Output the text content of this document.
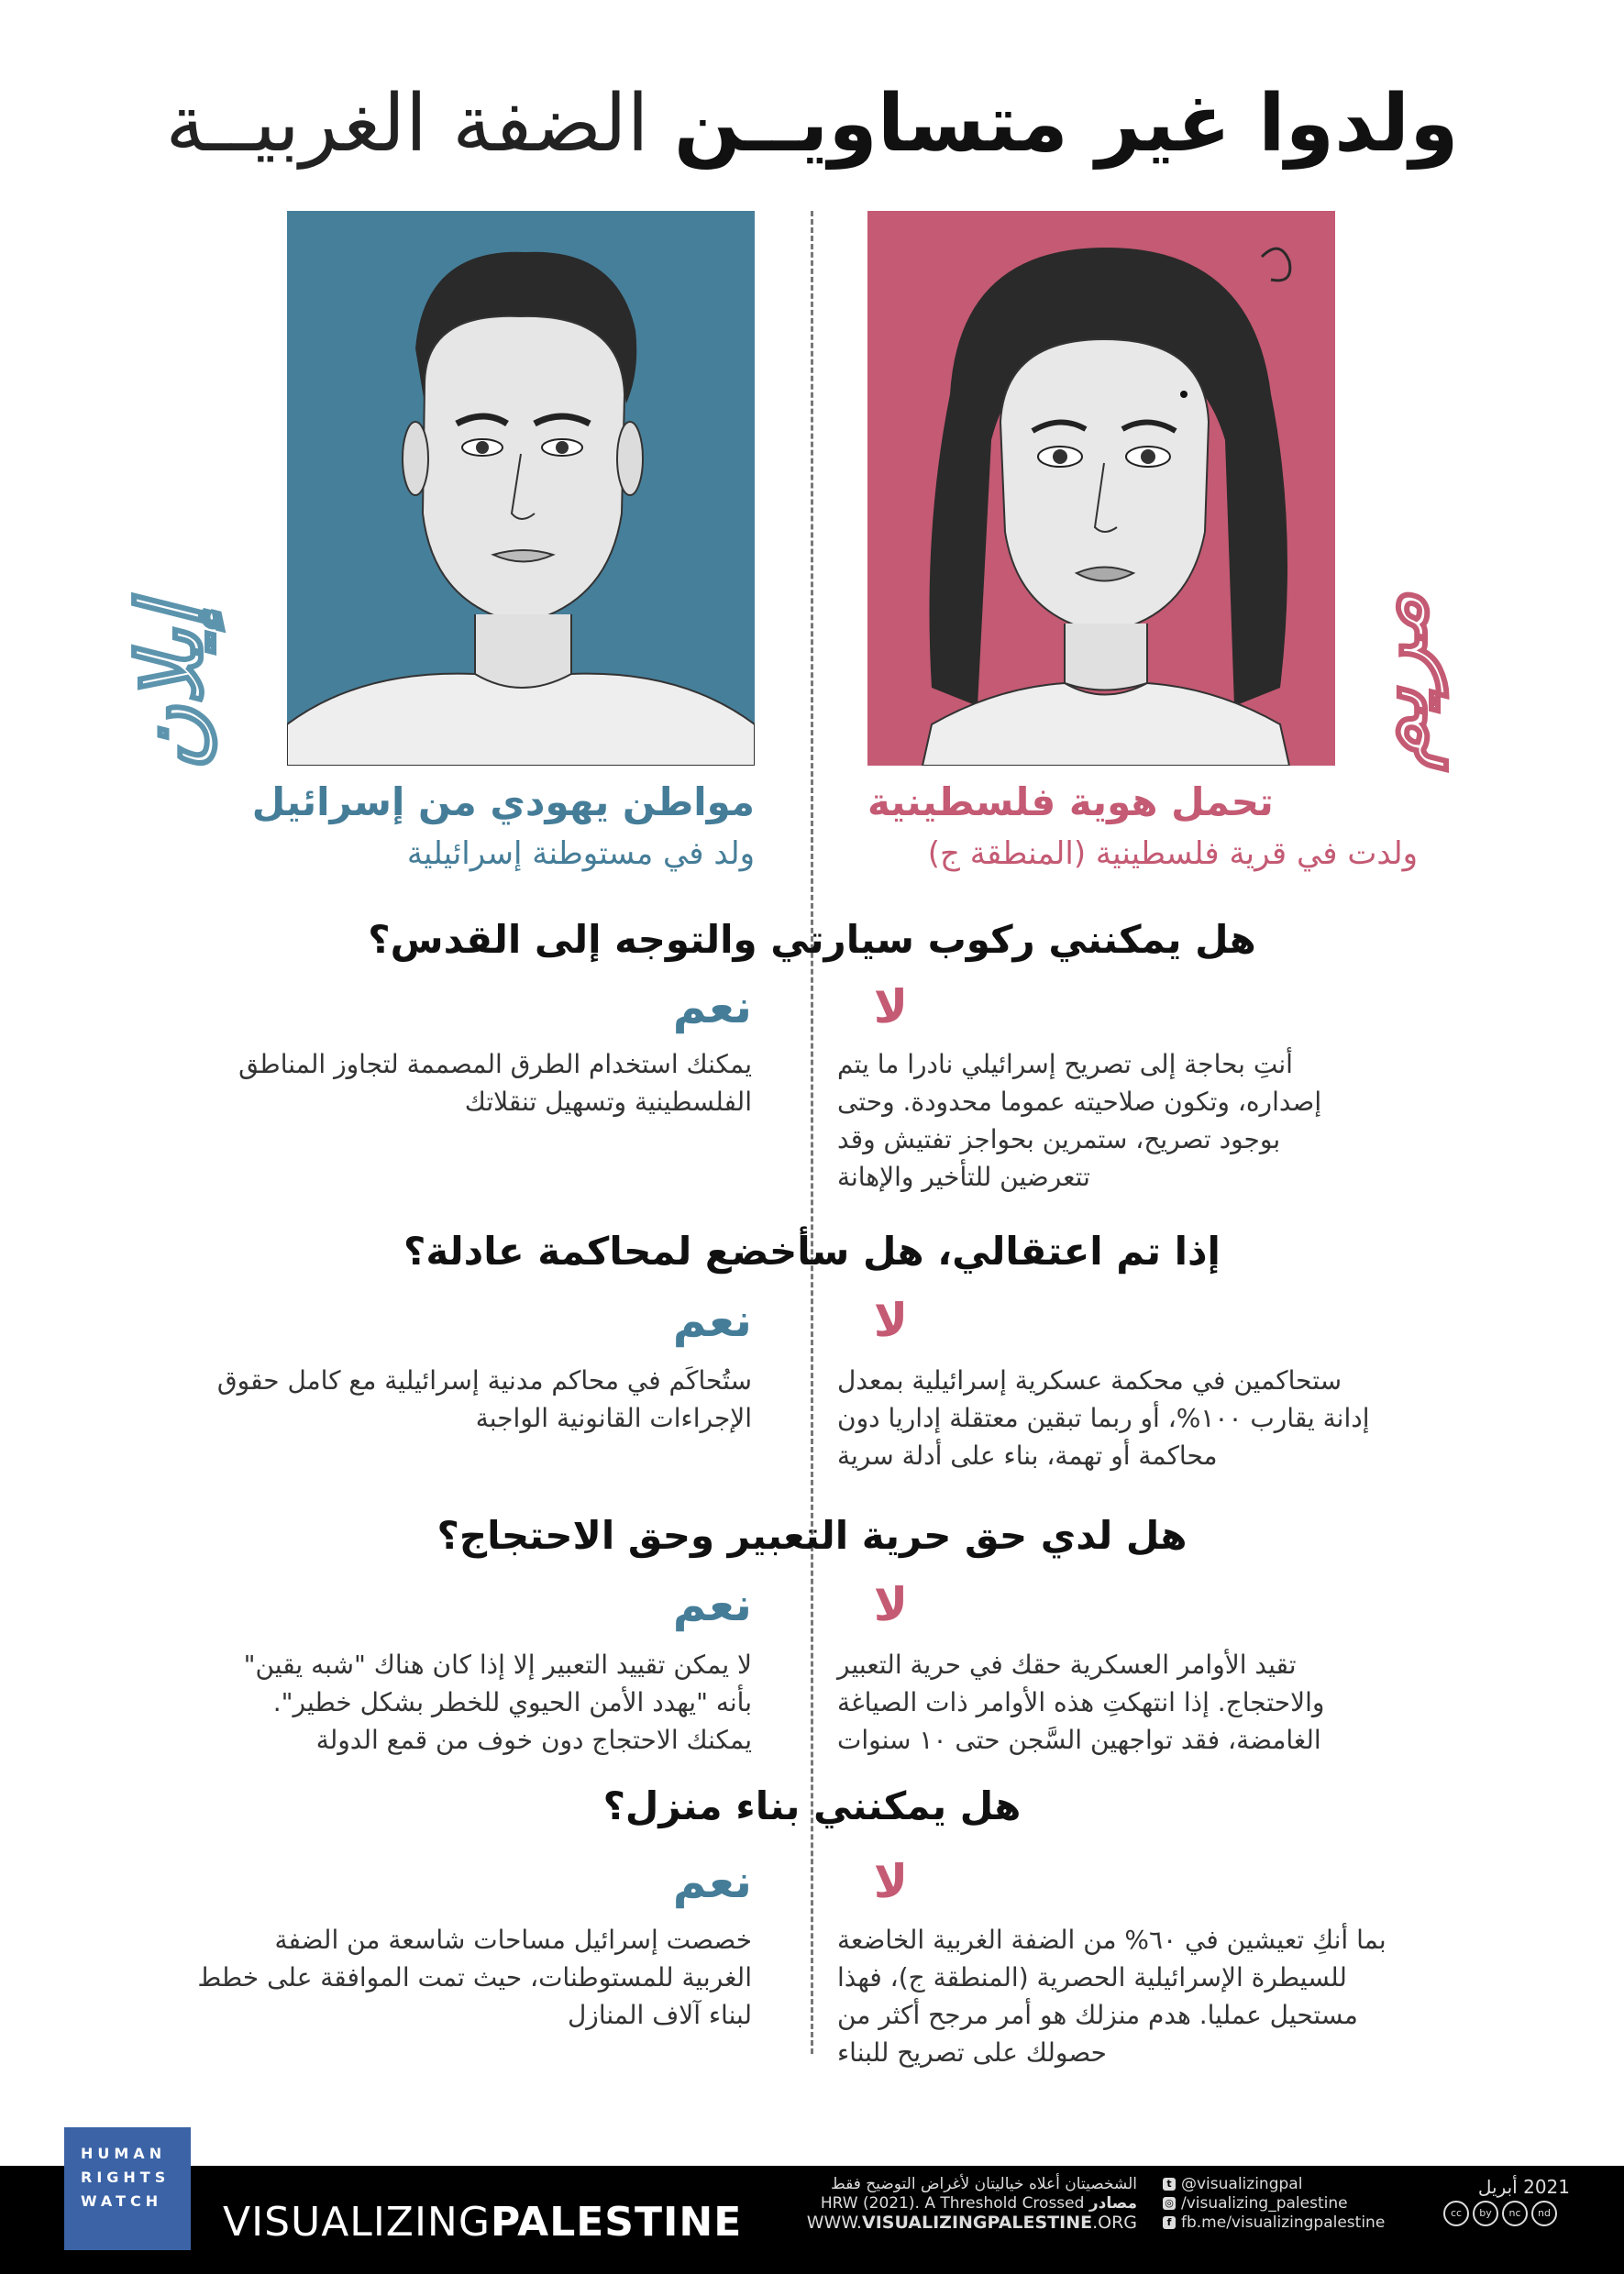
ولدوا غير متساويــن الضفة الغربيــة
إيلان	مريم
مواطن يهودي من إسرائيل
ولد في مستوطنة إسرائيلية
تحمل هوية فلسطينية
ولدت في قرية فلسطينية (المنطقة ج)
هل يمكنني ركوب سيارتي والتوجه إلى القدس؟
لا
نعم
أنتِ بحاجة إلى تصريح إسرائيلي نادرا ما يتم
إصداره، وتكون صلاحيته عموما محدودة. وحتى
بوجود تصريح، ستمرين بحواجز تفتيش وقد
تتعرضين للتأخير والإهانة
يمكنك استخدام الطرق المصممة لتجاوز المناطق
الفلسطينية وتسهيل تنقلاتك
إذا تم اعتقالي، هل سأخضع لمحاكمة عادلة؟
لا
نعم
ستحاكمين في محكمة عسكرية إسرائيلية بمعدل
إدانة يقارب ١٠٠%، أو ربما تبقين معتقلة إداريا دون
محاكمة أو تهمة، بناء على أدلة سرية
ستُحاكَم في محاكم مدنية إسرائيلية مع كامل حقوق
الإجراءات القانونية الواجبة
هل لدي حق حرية التعبير وحق الاحتجاج؟
لا
نعم
تقيد الأوامر العسكرية حقك في حرية التعبير
والاحتجاج. إذا انتهكتِ هذه الأوامر ذات الصياغة
الغامضة، فقد تواجهين السَّجن حتى ١٠ سنوات
لا يمكن تقييد التعبير إلا إذا كان هناك "شبه يقين"
بأنه "يهدد الأمن الحيوي للخطر بشكل خطير".
يمكنك الاحتجاج دون خوف من قمع الدولة
هل يمكنني بناء منزل؟
لا
نعم
بما أنكِ تعيشين في ٦٠% من الضفة الغربية الخاضعة
للسيطرة الإسرائيلية الحصرية (المنطقة ج)، فهذا
مستحيل عمليا. هدم منزلك هو أمر مرجح أكثر من
حصولك على تصريح للبناء
خصصت إسرائيل مساحات شاسعة من الضفة
الغربية للمستوطنات، حيث تمت الموافقة على خطط
لبناء آلاف المنازل
HUMAN
RIGHTS
WATCH	VISUALIZINGPALESTINE
الشخصيتان أعلاه خياليتان لأغراض التوضيح فقط
HRW (2021). A Threshold Crossed مصادر
WWW.VISUALIZINGPALESTINE.ORG
t @visualizingpal
◎ /visualizing_palestine
f fb.me/visualizingpalestine
2021 أبريل
cc by nc nd
